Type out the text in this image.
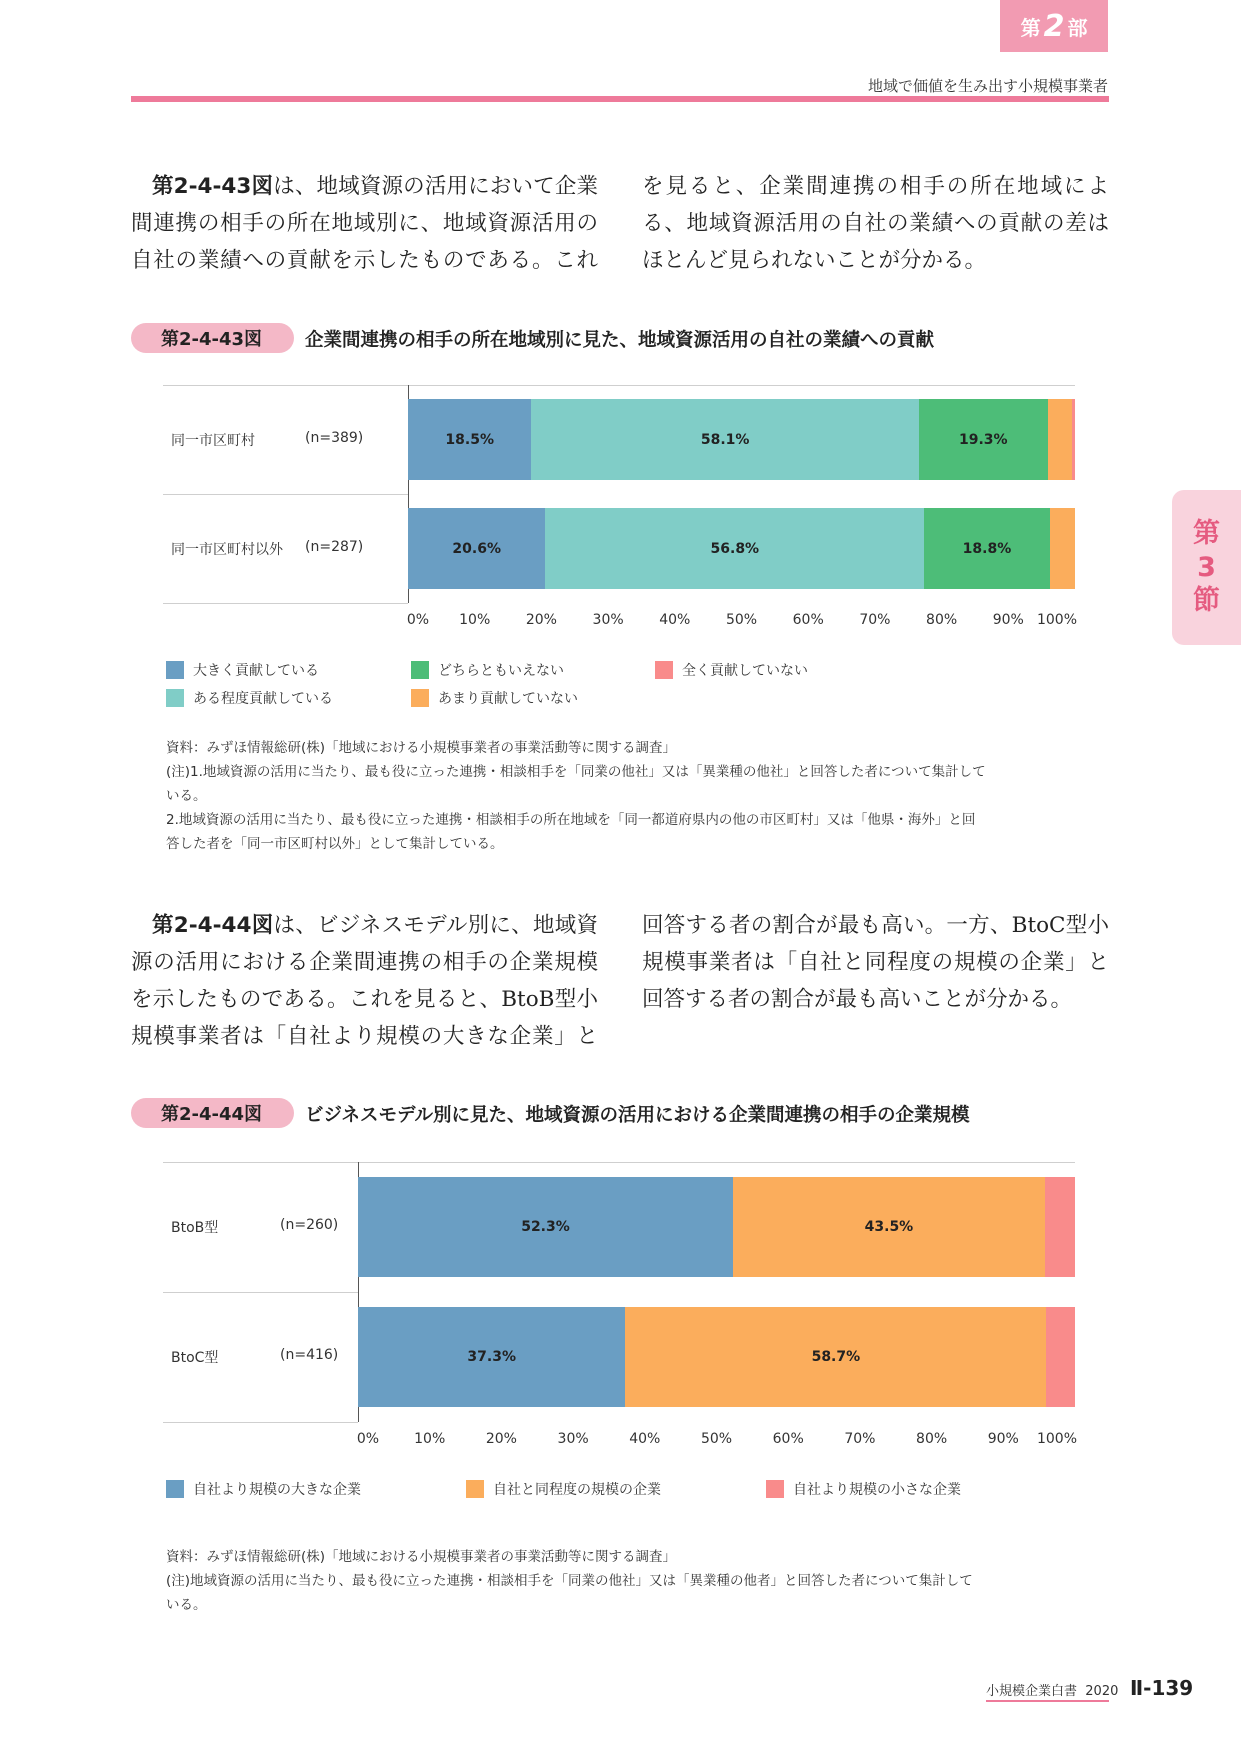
第 2 部
地域で価値を生み出す小規模事業者
第
3
節
第2-4-43図は、地域資源の活用において企業間連携の相手の所在地域別に、地域資源活用の自社の業績への貢献を示したものである。これを見ると、企業間連携の相手の所在地域による、地域資源活用の自社の業績への貢献の差はほとんど見られないことが分かる。
第2-4-43図 企業間連携の相手の所在地域別に見た、地域資源活用の自社の業績への貢献
同一市区町村	(n=389)	18.5%	58.1%	19.3%
同一市区町村以外 (n=287)	20.6%	56.8%	18.8%
0% 10%	20%	30%	40%	50%	60%	70%	80%	90% 100%
大きく貢献している
ある程度貢献している
どちらともいえない
あまり貢献していない
全く貢献していない
資料：みずほ情報総研(株)「地域における小規模事業者の事業活動等に関する調査」
(注)1.地域資源の活用に当たり、最も役に立った連携・相談相手を「同業の他社」又は「異業種の他社」と回答した者について集計して
いる。
2.地域資源の活用に当たり、最も役に立った連携・相談相手の所在地域を「同一都道府県内の他の市区町村」又は「他県・海外」と回
答した者を「同一市区町村以外」として集計している。
第2-4-44図は、ビジネスモデル別に、地域資源の活用における企業間連携の相手の企業規模を示したものである。これを見ると、BtoB型小規模事業者は「自社より規模の大きな企業」と回答する者の割合が最も高い。一方、BtoC型小規模事業者は「自社と同程度の規模の企業」と回答する者の割合が最も高いことが分かる。
第2-4-44図 ビジネスモデル別に見た、地域資源の活用における企業間連携の相手の企業規模
BtoB型	(n=260)	52.3%	43.5%
BtoC型	(n=416)	37.3%	58.7%
0%	10%	20%	30%	40%	50%	60%	70%	80%	90% 100%
自社より規模の大きな企業	自社と同程度の規模の企業	自社より規模の小さな企業
資料：みずほ情報総研(株)「地域における小規模事業者の事業活動等に関する調査」
(注)地域資源の活用に当たり、最も役に立った連携・相談相手を「同業の他社」又は「異業種の他者」と回答した者について集計して
いる。
小規模企業白書 2020 Ⅱ-139
